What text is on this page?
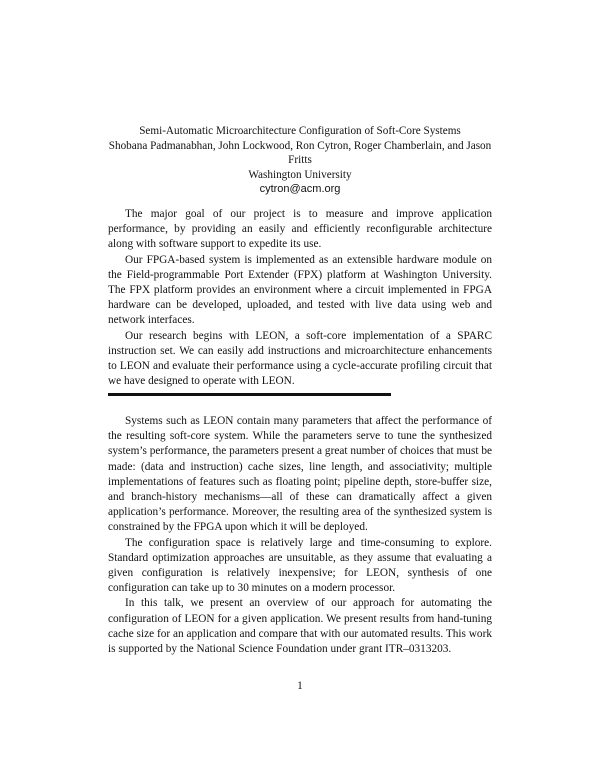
Semi-Automatic Microarchitecture Configuration of Soft-Core Systems
Shobana Padmanabhan, John Lockwood, Ron Cytron, Roger Chamberlain, and Jason Fritts
Washington University
cytron@acm.org

The major goal of our project is to measure and improve application performance, by providing an easily and efficiently reconfigurable architecture along with software support to expedite its use.

Our FPGA-based system is implemented as an extensible hardware module on the Field-programmable Port Extender (FPX) platform at Washington University. The FPX platform provides an environment where a circuit implemented in FPGA hardware can be developed, uploaded, and tested with live data using web and network interfaces.

Our research begins with LEON, a soft-core implementation of a SPARC instruction set. We can easily add instructions and microarchitecture enhancements to LEON and evaluate their performance using a cycle-accurate profiling circuit that we have designed to operate with LEON.

Systems such as LEON contain many parameters that affect the performance of the resulting soft-core system. While the parameters serve to tune the synthesized system’s performance, the parameters present a great number of choices that must be made: (data and instruction) cache sizes, line length, and associativity; multiple implementations of features such as floating point; pipeline depth, store-buffer size, and branch-history mechanisms—all of these can dramatically affect a given application’s performance. Moreover, the resulting area of the synthesized system is constrained by the FPGA upon which it will be deployed.

The configuration space is relatively large and time-consuming to explore. Standard optimization approaches are unsuitable, as they assume that evaluating a given configuration is relatively inexpensive; for LEON, synthesis of one configuration can take up to 30 minutes on a modern processor.

In this talk, we present an overview of our approach for automating the configuration of LEON for a given application. We present results from hand-tuning cache size for an application and compare that with our automated results. This work is supported by the National Science Foundation under grant ITR–0313203.

1
